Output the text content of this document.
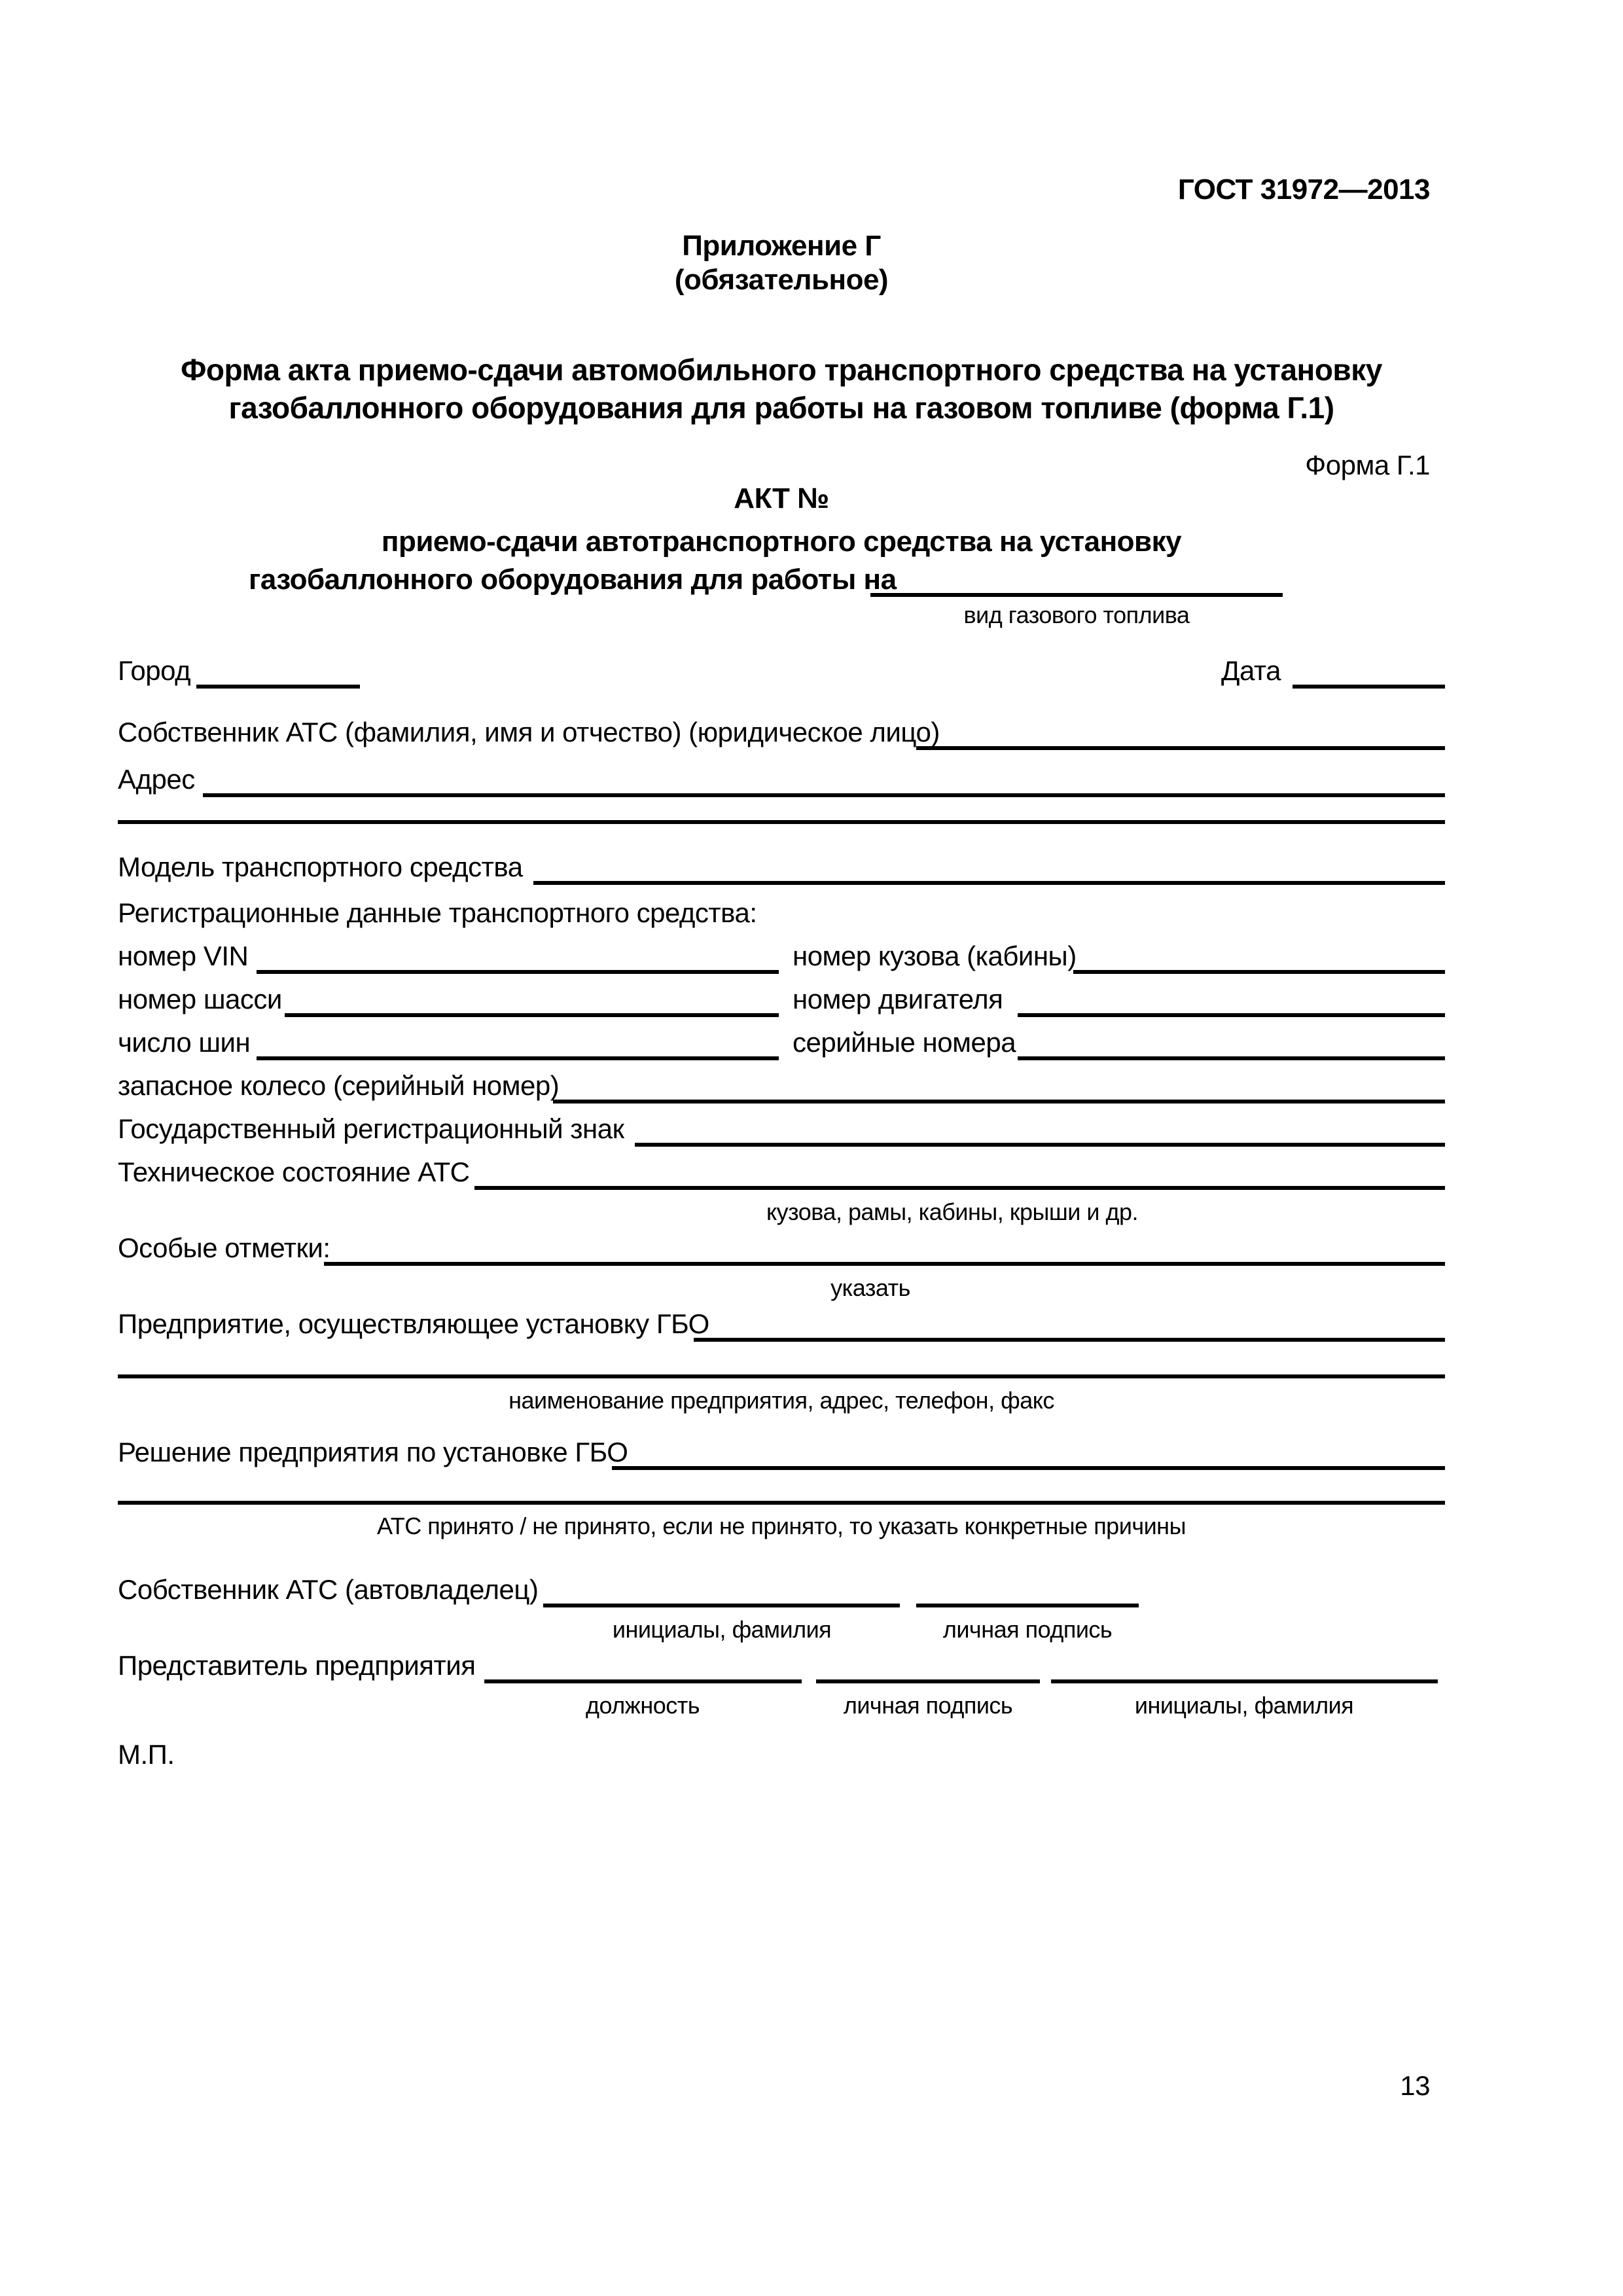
ГОСТ 31972—2013
Приложение Г
(обязательное)
Форма акта приемо-сдачи автомобильного транспортного средства на установку
газобаллонного оборудования для работы на газовом топливе (форма Г.1)
Форма Г.1
АКТ №
приемо-сдачи автотранспортного средства на установку
газобаллонного оборудования для работы на
вид газового топлива
Город	Дата
Собственник АТС (фамилия, имя и отчество) (юридическое лицо)
Адрес
Модель транспортного средства
Регистрационные данные транспортного средства:
номер VIN	номер кузова (кабины)
номер шасси	номер двигателя
число шин	серийные номера
запасное колесо (серийный номер)
Государственный регистрационный знак
Техническое состояние АТС
кузова, рамы, кабины, крыши и др.
Особые отметки:
указать
Предприятие, осуществляющее установку ГБО
наименование предприятия, адрес, телефон, факс
Решение предприятия по установке ГБО
АТС принято / не принято, если не принято, то указать конкретные причины
Собственник АТС (автовладелец)
инициалы, фамилия	личная подпись
Представитель предприятия
должность	личная подпись	инициалы, фамилия
М.П.
13
